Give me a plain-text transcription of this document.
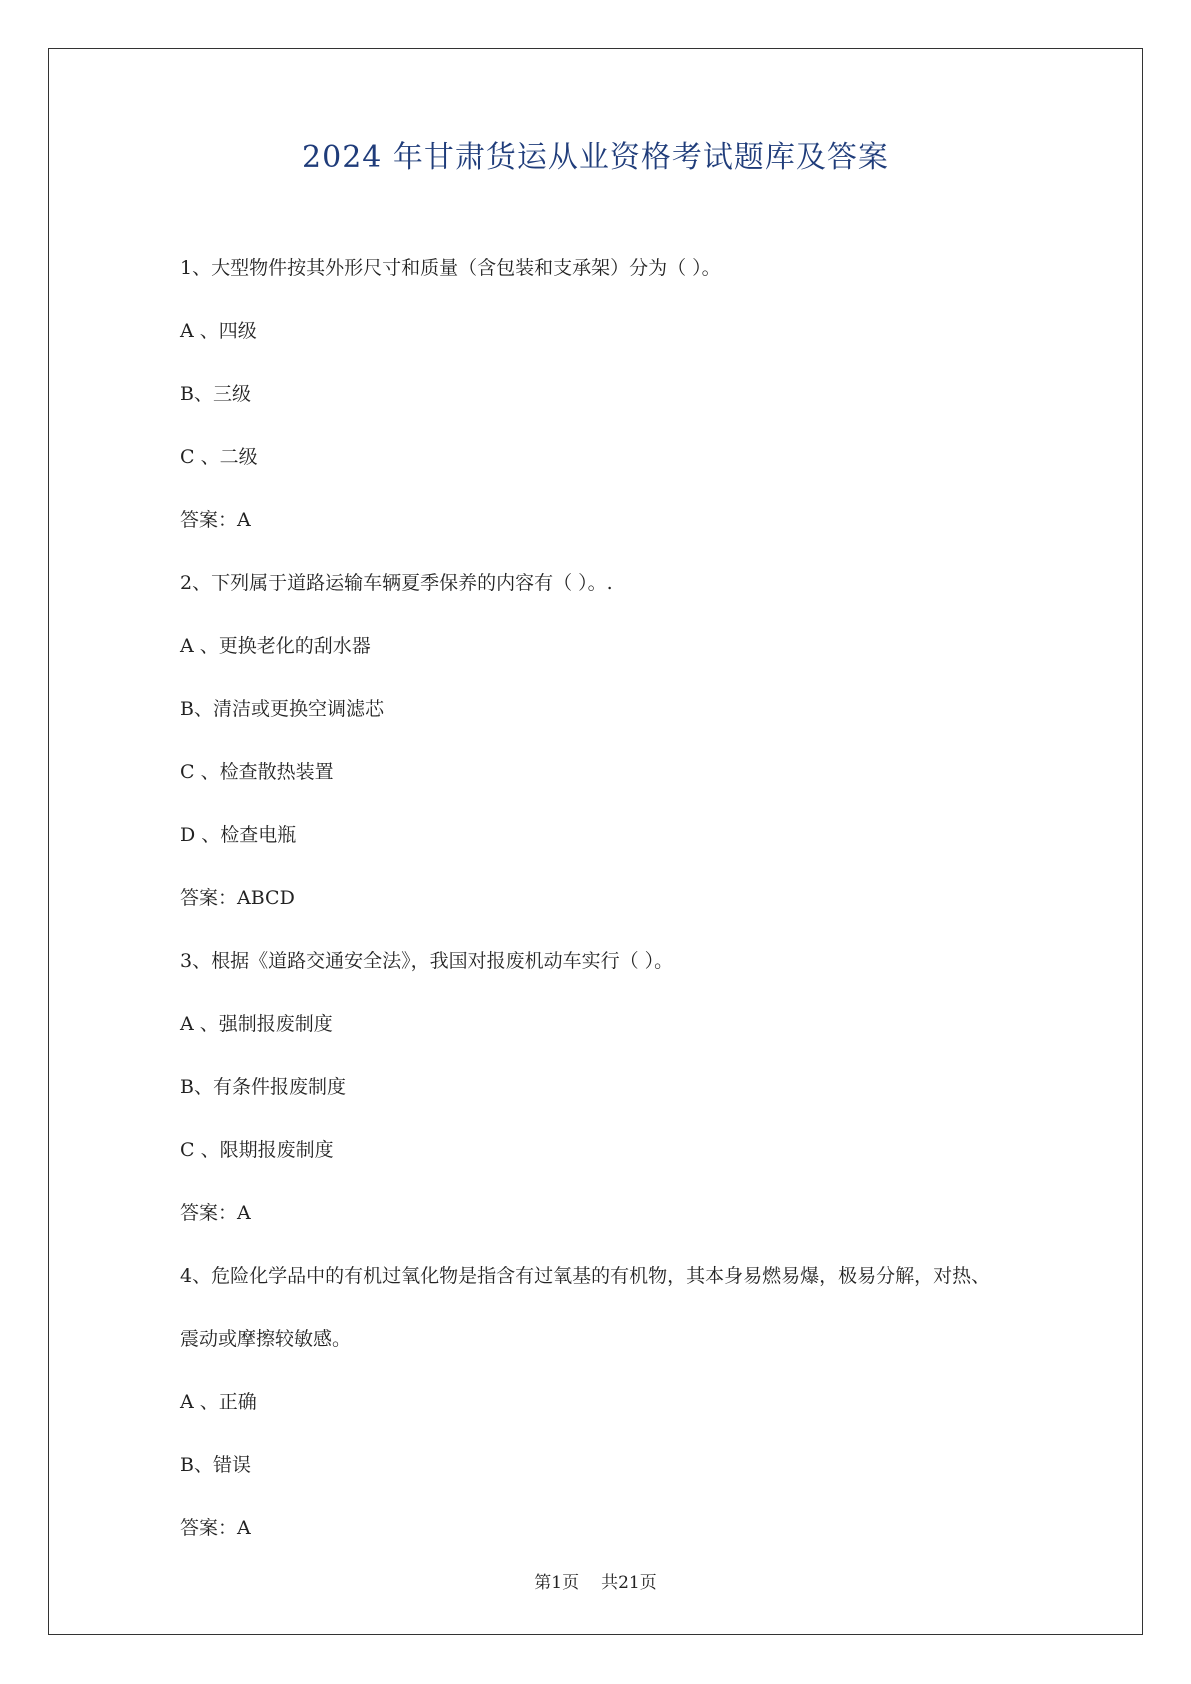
2024 年甘肃货运从业资格考试题库及答案
1、大型物件按其外形尺寸和质量（含包装和支承架）分为（ ）。
A 、四级
B、三级
C 、二级
答案：A
2、下列属于道路运输车辆夏季保养的内容有（ ）。.
A 、更换老化的刮水器
B、清洁或更换空调滤芯
C 、检查散热装置
D 、检查电瓶
答案：ABCD
3、根据《道路交通安全法》，我国对报废机动车实行（ ）。
A 、强制报废制度
B、有条件报废制度
C 、限期报废制度
答案：A
4、危险化学品中的有机过氧化物是指含有过氧基的有机物，其本身易燃易爆，极易分解，对热、
震动或摩擦较敏感。
A 、正确
B、错误
答案：A
第1页 共21页
